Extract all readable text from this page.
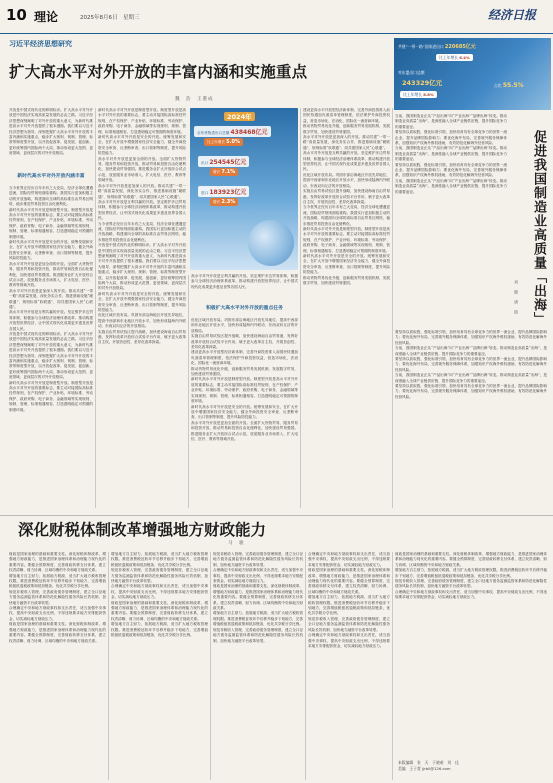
10 理论	2025年8月6日　星期三	经济日报
习近平经济思想研究
扩大高水平对外开放的丰富内涵和实施重点
魏　浩　王港成

开放是中国式现代化的鲜明标识。扩大高水平对外开放是中国经济实现高质量发展的必由之路。习近平经济思想深刻阐明了对外开放的重大意义，为新时代推进高水平对外开放提供了根本遵循。我们要以习近平经济思想为指导，深刻把握扩大高水平对外开放的丰富内涵和实施重点，稳步扩大规则、规制、管理、标准等制度型开放，以开放促改革、促发展、促创新，更好统筹国内国际两个大局，推动形成更大范围、更宽领域、更深层次的对外开放格局。

新时代高水平对外开放内涵丰富

当今世界正经历百年未有之大变局，经济全球化遭遇逆流，国际经贸规则面临重构。我国实行更加积极主动的开放战略，构建面向全球的高标准自由贸易区网络，稳步推进贸易投资自由化便利化。

新时代高水平对外开放是制度型开放。制度型开放是高水平对外开放的重要标志，要主动对接国际高标准经贸规则，在产权保护、产业补贴、环境标准、劳动保护、政府采购、电子商务、金融领域等实现规则、规制、管理、标准相通相容，打造透明稳定可预期的制度环境。

新时代高水平对外开放是安全的开放。统筹发展和安全，在扩大开放中增强国家经济安全能力，健全外商投资安全审查、反垄断审查、出口管制等制度，提升风险防控能力。

高水平对外开放是更加全面的开放。全面扩大货物贸易、服务贸易和投资开放，推动贸易和投资自由化便利化，加快建设贸易强国。推进服务业扩大开放综合试点示范，放宽服务业市场准入，扩大电信、医疗、教育等领域开放。

高水平对外开放是更加深入的开放。推动共建“一带一路”高质量发展，深化务实合作，推进基础设施“硬联通”、规则标准“软联通”、同共建国家人民“心联通”。

高水平对外开放是互利共赢的开放。坚定维护多边贸易体制，积极参与全球经济治理体系改革，推动构建开放型世界经济，让中国式现代化成果更多惠及世界各国人民。

开放是中国式现代化的鲜明标识。扩大高水平对外开放是中国经济实现高质量发展的必由之路。习近平经济思想深刻阐明了对外开放的重大意义，为新时代推进高水平对外开放提供了根本遵循。我们要以习近平经济思想为指导，深刻把握扩大高水平对外开放的丰富内涵和实施重点，稳步扩大规则、规制、管理、标准等制度型开放，以开放促改革、促发展、促创新，更好统筹国内国际两个大局，推动形成更大范围、更宽领域、更深层次的对外开放格局。

新时代高水平对外开放是制度型开放。制度型开放是高水平对外开放的重要标志，要主动对接国际高标准经贸规则，在产权保护、产业补贴、环境标准、劳动保护、政府采购、电子商务、金融领域等实现规则、规制、管理、标准相通相容，打造透明稳定可预期的制度环境。

新时代高水平对外开放是制度型开放。制度型开放是高水平对外开放的重要标志，要主动对接国际高标准经贸规则，在产权保护、产业补贴、环境标准、劳动保护、政府采购、电子商务、金融领域等实现规则、规制、管理、标准相通相容，打造透明稳定可预期的制度环境。

新时代高水平对外开放是安全的开放。统筹发展和安全，在扩大开放中增强国家经济安全能力，健全外商投资安全审查、反垄断审查、出口管制等制度，提升风险防控能力。

高水平对外开放是更加全面的开放。全面扩大货物贸易、服务贸易和投资开放，推动贸易和投资自由化便利化，加快建设贸易强国。推进服务业扩大开放综合试点示范，放宽服务业市场准入，扩大电信、医疗、教育等领域开放。

高水平对外开放是更加深入的开放。推动共建“一带一路”高质量发展，深化务实合作，推进基础设施“硬联通”、规则标准“软联通”、同共建国家人民“心联通”。

高水平对外开放是互利共赢的开放。坚定维护多边贸易体制，积极参与全球经济治理体系改革，推动构建开放型世界经济，让中国式现代化成果更多惠及世界各国人民。

当今世界正经历百年未有之大变局，经济全球化遭遇逆流，国际经贸规则面临重构。我国实行更加积极主动的开放战略，构建面向全球的高标准自由贸易区网络，稳步推进贸易投资自由化便利化。

开放是中国式现代化的鲜明标识。扩大高水平对外开放是中国经济实现高质量发展的必由之路。习近平经济思想深刻阐明了对外开放的重大意义，为新时代推进高水平对外开放提供了根本遵循。我们要以习近平经济思想为指导，深刻把握扩大高水平对外开放的丰富内涵和实施重点，稳步扩大规则、规制、管理、标准等制度型开放，以开放促改革、促发展、促创新，更好统筹国内国际两个大局，推动形成更大范围、更宽领域、更深层次的对外开放格局。

新时代高水平对外开放是安全的开放。统筹发展和安全，在扩大开放中增强国家经济安全能力，健全外商投资安全审查、反垄断审查、出口管制等制度，提升风险防控能力。

优化区域开放布局。巩固东部沿海地区开放先导地位，提高中西部和东北地区开放水平，加快形成陆海内外联动、东西双向互济的开放格局。

实施自由贸易试验区提升战略，加快建设海南自由贸易港，发挥好改革开放综合试验平台作用，赋予更大改革自主权，开展首创性、差异化改革探索。

2024年
全年货物进出口总额 438468亿元
比上年增长 5.0%
出口 254545亿元
增长 7.1%
进口 183923亿元
增长 2.3%

高水平对外开放是互利共赢的开放。坚定维护多边贸易体制，积极参与全球经济治理体系改革，推动构建开放型世界经济，让中国式现代化成果更多惠及世界各国人民。

积极扩大高水平对外开放的重点任务

优化区域开放布局。巩固东部沿海地区开放先导地位，提高中西部和东北地区开放水平，加快形成陆海内外联动、东西双向互济的开放格局。

实施自由贸易试验区提升战略，加快建设海南自由贸易港，发挥好改革开放综合试验平台作用，赋予更大改革自主权，开展首创性、差异化改革探索。

建设更高水平开放型经济新体制，完善外商投资准入前国民待遇加负面清单管理制度，依法保护外商投资权益，营造市场化、法治化、国际化一流营商环境。

推动货物贸易优化升级，创新服务贸易发展机制，发展数字贸易，加快建设贸易强国。

新时代高水平对外开放是制度型开放。制度型开放是高水平对外开放的重要标志，要主动对接国际高标准经贸规则，在产权保护、产业补贴、环境标准、劳动保护、政府采购、电子商务、金融领域等实现规则、规制、管理、标准相通相容，打造透明稳定可预期的制度环境。

新时代高水平对外开放是安全的开放。统筹发展和安全，在扩大开放中增强国家经济安全能力，健全外商投资安全审查、反垄断审查、出口管制等制度，提升风险防控能力。

高水平对外开放是更加全面的开放。全面扩大货物贸易、服务贸易和投资开放，推动贸易和投资自由化便利化，加快建设贸易强国。推进服务业扩大开放综合试点示范，放宽服务业市场准入，扩大电信、医疗、教育等领域开放。

建设更高水平开放型经济新体制，完善外商投资准入前国民待遇加负面清单管理制度，依法保护外商投资权益，营造市场化、法治化、国际化一流营商环境。

推动货物贸易优化升级，创新服务贸易发展机制，发展数字贸易，加快建设贸易强国。

高水平对外开放是更加深入的开放。推动共建“一带一路”高质量发展，深化务实合作，推进基础设施“硬联通”、规则标准“软联通”、同共建国家人民“心联通”。

高水平对外开放是互利共赢的开放。坚定维护多边贸易体制，积极参与全球经济治理体系改革，推动构建开放型世界经济，让中国式现代化成果更多惠及世界各国人民。

优化区域开放布局。巩固东部沿海地区开放先导地位，提高中西部和东北地区开放水平，加快形成陆海内外联动、东西双向互济的开放格局。

实施自由贸易试验区提升战略，加快建设海南自由贸易港，发挥好改革开放综合试验平台作用，赋予更大改革自主权，开展首创性、差异化改革探索。

当今世界正经历百年未有之大变局，经济全球化遭遇逆流，国际经贸规则面临重构。我国实行更加积极主动的开放战略，构建面向全球的高标准自由贸易区网络，稳步推进贸易投资自由化便利化。

新时代高水平对外开放是制度型开放。制度型开放是高水平对外开放的重要标志，要主动对接国际高标准经贸规则，在产权保护、产业补贴、环境标准、劳动保护、政府采购、电子商务、金融领域等实现规则、规制、管理、标准相通相容，打造透明稳定可预期的制度环境。

新时代高水平对外开放是安全的开放。统筹发展和安全，在扩大开放中增强国家经济安全能力，健全外商投资安全审查、反垄断审查、出口管制等制度，提升风险防控能力。

推动货物贸易优化升级，创新服务贸易发展机制，发展数字贸易，加快建设贸易强国。

共建“一带一路”国家进出口 220685亿元
比上年增长 6.4%
对东盟出口总额
243329亿元
比上年增长 8.8%
占比 55.5%

当前，我国制造业正从“产品出海”向“产业出海”“品牌出海”转变。推动制造业高质量“出海”，是深度融入全球产业链供应链、提升国际竞争力的重要途径。

要坚持以质取胜，强化标准引领，加快培育具有全球竞争力的世界一流企业，提升品牌国际影响力；要优化海外布局，完善境外服务保障体系，加强知识产权海外维权援助，有效防范化解海外经营风险。

当前，我国制造业正从“产品出海”向“产业出海”“品牌出海”转变。推动制造业高质量“出海”，是深度融入全球产业链供应链、提升国际竞争力的重要途径。

要坚持以质取胜，强化标准引领，加快培育具有全球竞争力的世界一流企业，提升品牌国际影响力；要优化海外布局，完善境外服务保障体系，加强知识产权海外维权援助，有效防范化解海外经营风险。

当前，我国制造业正从“产品出海”向“产业出海”“品牌出海”转变。推动制造业高质量“出海”，是深度融入全球产业链供应链、提升国际竞争力的重要途径。	促进我国制造业高质量「出海」
刘　晓　唐　倩

要坚持以质取胜，强化标准引领，加快培育具有全球竞争力的世界一流企业，提升品牌国际影响力；要优化海外布局，完善境外服务保障体系，加强知识产权海外维权援助，有效防范化解海外经营风险。

当前，我国制造业正从“产品出海”向“产业出海”“品牌出海”转变。推动制造业高质量“出海”，是深度融入全球产业链供应链、提升国际竞争力的重要途径。

要坚持以质取胜，强化标准引领，加快培育具有全球竞争力的世界一流企业，提升品牌国际影响力；要优化海外布局，完善境外服务保障体系，加强知识产权海外维权援助，有效防范化解海外经营风险。

当前，我国制造业正从“产品出海”向“产业出海”“品牌出海”转变。推动制造业高质量“出海”，是深度融入全球产业链供应链、提升国际竞争力的重要途径。

要坚持以质取胜，强化标准引领，加快培育具有全球竞争力的世界一流企业，提升品牌国际影响力；要优化海外布局，完善境外服务保障体系，加强知识产权海外维权援助，有效防范化解海外经营风险。

深化财税体制改革增强地方财政能力
马　骏

财政是国家治理的基础和重要支柱。深化财税体制改革，增强地方财政能力，是推进国家治理体系和治理能力现代化的重要内容。要健全预算制度，完善财政转移支付体系，建立权责清晰、财力协调、区域均衡的中央和地方财政关系。

增加地方自主财力，拓展地方税源，适当扩大地方税收管理权限。推进消费税征收环节后移并稳步下划地方，完善增值税留抵退税政策和抵扣链条，优化共享税分享比例。

规范非税收入管理，完善政府债务管理制度，建立全口径地方债务监测监管体系和防范化解隐性债务风险长效机制，加快地方融资平台改革转型。

合理确定中央和地方财政事权和支出责任，适当加强中央事权、提高中央财政支出比例，不得违规要求地方安排配套资金，切实减轻地方财政压力。

财政是国家治理的基础和重要支柱。深化财税体制改革，增强地方财政能力，是推进国家治理体系和治理能力现代化的重要内容。要健全预算制度，完善财政转移支付体系，建立权责清晰、财力协调、区域均衡的中央和地方财政关系。

增加地方自主财力，拓展地方税源，适当扩大地方税收管理权限。推进消费税征收环节后移并稳步下划地方，完善增值税留抵退税政策和抵扣链条，优化共享税分享比例。

规范非税收入管理，完善政府债务管理制度，建立全口径地方债务监测监管体系和防范化解隐性债务风险长效机制，加快地方融资平台改革转型。

合理确定中央和地方财政事权和支出责任，适当加强中央事权、提高中央财政支出比例，不得违规要求地方安排配套资金，切实减轻地方财政压力。

财政是国家治理的基础和重要支柱。深化财税体制改革，增强地方财政能力，是推进国家治理体系和治理能力现代化的重要内容。要健全预算制度，完善财政转移支付体系，建立权责清晰、财力协调、区域均衡的中央和地方财政关系。

增加地方自主财力，拓展地方税源，适当扩大地方税收管理权限。推进消费税征收环节后移并稳步下划地方，完善增值税留抵退税政策和抵扣链条，优化共享税分享比例。

规范非税收入管理，完善政府债务管理制度，建立全口径地方债务监测监管体系和防范化解隐性债务风险长效机制，加快地方融资平台改革转型。

合理确定中央和地方财政事权和支出责任，适当加强中央事权、提高中央财政支出比例，不得违规要求地方安排配套资金，切实减轻地方财政压力。

财政是国家治理的基础和重要支柱。深化财税体制改革，增强地方财政能力，是推进国家治理体系和治理能力现代化的重要内容。要健全预算制度，完善财政转移支付体系，建立权责清晰、财力协调、区域均衡的中央和地方财政关系。

增加地方自主财力，拓展地方税源，适当扩大地方税收管理权限。推进消费税征收环节后移并稳步下划地方，完善增值税留抵退税政策和抵扣链条，优化共享税分享比例。

规范非税收入管理，完善政府债务管理制度，建立全口径地方债务监测监管体系和防范化解隐性债务风险长效机制，加快地方融资平台改革转型。

合理确定中央和地方财政事权和支出责任，适当加强中央事权、提高中央财政支出比例，不得违规要求地方安排配套资金，切实减轻地方财政压力。

财政是国家治理的基础和重要支柱。深化财税体制改革，增强地方财政能力，是推进国家治理体系和治理能力现代化的重要内容。要健全预算制度，完善财政转移支付体系，建立权责清晰、财力协调、区域均衡的中央和地方财政关系。

增加地方自主财力，拓展地方税源，适当扩大地方税收管理权限。推进消费税征收环节后移并稳步下划地方，完善增值税留抵退税政策和抵扣链条，优化共享税分享比例。

规范非税收入管理，完善政府债务管理制度，建立全口径地方债务监测监管体系和防范化解隐性债务风险长效机制，加快地方融资平台改革转型。

合理确定中央和地方财政事权和支出责任，适当加强中央事权、提高中央财政支出比例，不得违规要求地方安排配套资金，切实减轻地方财政压力。

财政是国家治理的基础和重要支柱。深化财税体制改革，增强地方财政能力，是推进国家治理体系和治理能力现代化的重要内容。要健全预算制度，完善财政转移支付体系，建立权责清晰、财力协调、区域均衡的中央和地方财政关系。

增加地方自主财力，拓展地方税源，适当扩大地方税收管理权限。推进消费税征收环节后移并稳步下划地方，完善增值税留抵退税政策和抵扣链条，优化共享税分享比例。

规范非税收入管理，完善政府债务管理制度，建立全口径地方债务监测监管体系和防范化解隐性债务风险长效机制，加快地方融资平台改革转型。

合理确定中央和地方财政事权和支出责任，适当加强中央事权、提高中央财政支出比例，不得违规要求地方安排配套资金，切实减轻地方财政压力。

本版编辑　张　天　于晓萌　刘　佳
美编　王子萱 jjrbll@126.com
